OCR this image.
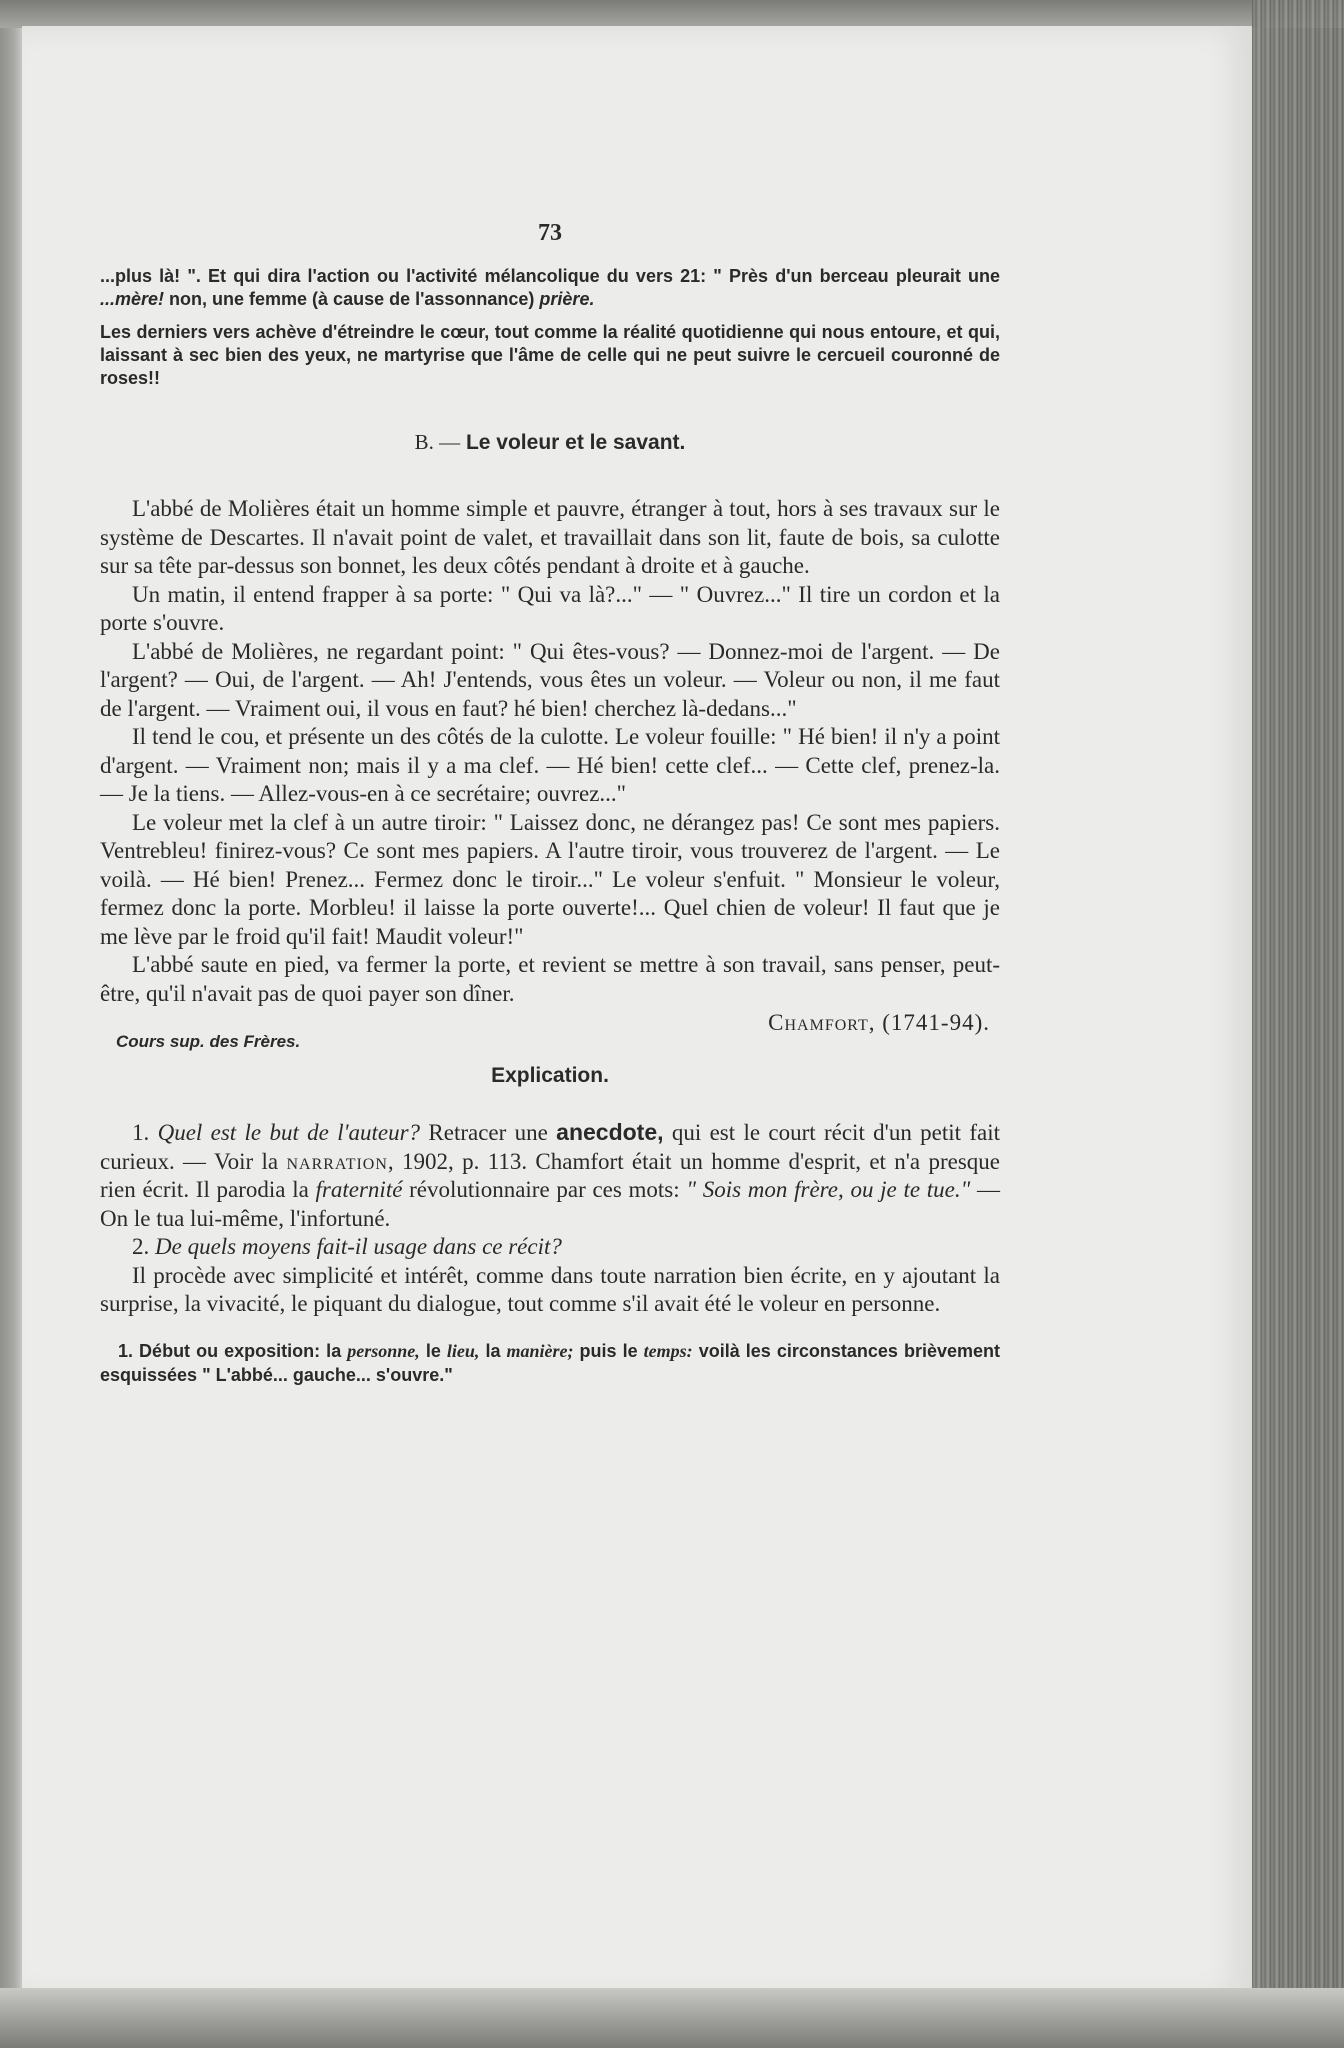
73

...plus là! ". Et qui dira l'action ou l'activité mélancolique du vers 21: " Près d'un berceau pleurait une ...mère! non, une femme (à cause de l'assonnance) prière.

Les derniers vers achève d'étreindre le cœur, tout comme la réalité quotidienne qui nous entoure, et qui, laissant à sec bien des yeux, ne martyrise que l'âme de celle qui ne peut suivre le cercueil couronné de roses!!

B. — Le voleur et le savant.

L'abbé de Molières était un homme simple et pauvre, étranger à tout, hors à ses travaux sur le système de Descartes. Il n'avait point de valet, et travaillait dans son lit, faute de bois, sa culotte sur sa tête par-dessus son bonnet, les deux côtés pendant à droite et à gauche.

Un matin, il entend frapper à sa porte: " Qui va là?..." — " Ouvrez..." Il tire un cordon et la porte s'ouvre.

L'abbé de Molières, ne regardant point: " Qui êtes-vous? — Donnez-moi de l'argent. — De l'argent? — Oui, de l'argent. — Ah! J'entends, vous êtes un voleur. — Voleur ou non, il me faut de l'argent. — Vraiment oui, il vous en faut? hé bien! cherchez là-dedans..."

Il tend le cou, et présente un des côtés de la culotte. Le voleur fouille: " Hé bien! il n'y a point d'argent. — Vraiment non; mais il y a ma clef. — Hé bien! cette clef... — Cette clef, prenez-la. — Je la tiens. — Allez-vous-en à ce secrétaire; ouvrez..."

Le voleur met la clef à un autre tiroir: " Laissez donc, ne dérangez pas! Ce sont mes papiers. Ventrebleu! finirez-vous? Ce sont mes papiers. A l'autre tiroir, vous trouverez de l'argent. — Le voilà. — Hé bien! Prenez... Fermez donc le tiroir..." Le voleur s'enfuit. " Monsieur le voleur, fermez donc la porte. Morbleu! il laisse la porte ouverte!... Quel chien de voleur! Il faut que je me lève par le froid qu'il fait! Maudit voleur!"

L'abbé saute en pied, va fermer la porte, et revient se mettre à son travail, sans penser, peut-être, qu'il n'avait pas de quoi payer son dîner.

Chamfort, (1741-94).
Cours sup. des Frères.
Explication.

1. Quel est le but de l'auteur? Retracer une anecdote, qui est le court récit d'un petit fait curieux. — Voir la narration, 1902, p. 113. Chamfort était un homme d'esprit, et n'a presque rien écrit. Il parodia la fraternité révolutionnaire par ces mots: " Sois mon frère, ou je te tue." — On le tua lui-même, l'infortuné.

2. De quels moyens fait-il usage dans ce récit?

Il procède avec simplicité et intérêt, comme dans toute narration bien écrite, en y ajoutant la surprise, la vivacité, le piquant du dialogue, tout comme s'il avait été le voleur en personne.

1. Début ou exposition: la personne, le lieu, la manière; puis le temps: voilà les circonstances brièvement esquissées " L'abbé... gauche... s'ouvre."
